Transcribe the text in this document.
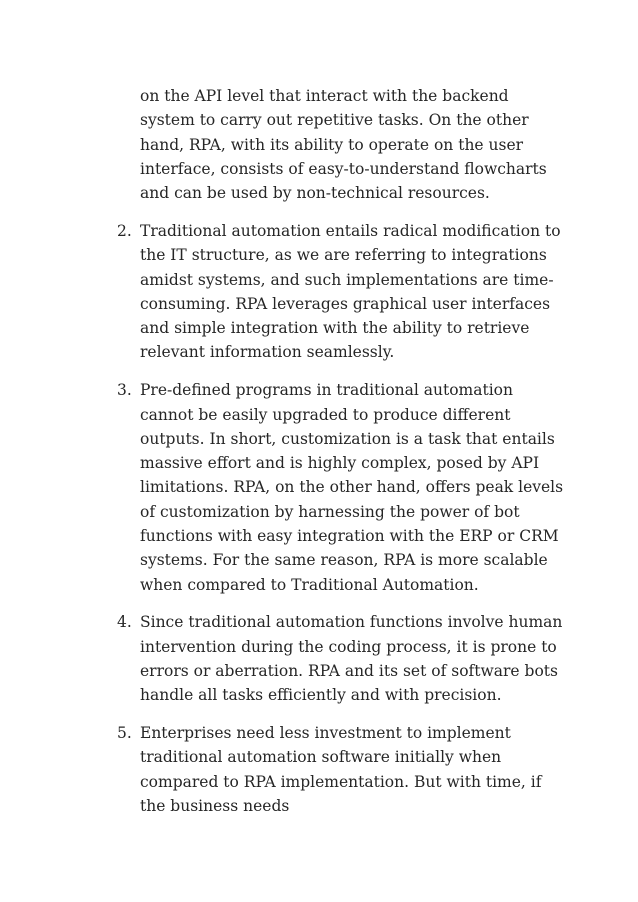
on the API level that interact with the backend system to carry out repetitive tasks. On the other hand, RPA, with its ability to operate on the user interface, consists of easy-to-understand flowcharts and can be used by non-technical resources.

2. Traditional automation entails radical modification to the IT structure, as we are referring to integrations amidst systems, and such implementations are time-consuming. RPA leverages graphical user interfaces and simple integration with the ability to retrieve relevant information seamlessly.

3. Pre-defined programs in traditional automation cannot be easily upgraded to produce different outputs. In short, customization is a task that entails massive effort and is highly complex, posed by API limitations. RPA, on the other hand, offers peak levels of customization by harnessing the power of bot functions with easy integration with the ERP or CRM systems. For the same reason, RPA is more scalable when compared to Traditional Automation.

4. Since traditional automation functions involve human intervention during the coding process, it is prone to errors or aberration. RPA and its set of software bots handle all tasks efficiently and with precision.

5. Enterprises need less investment to implement traditional automation software initially when compared to RPA implementation. But with time, if the business needs
